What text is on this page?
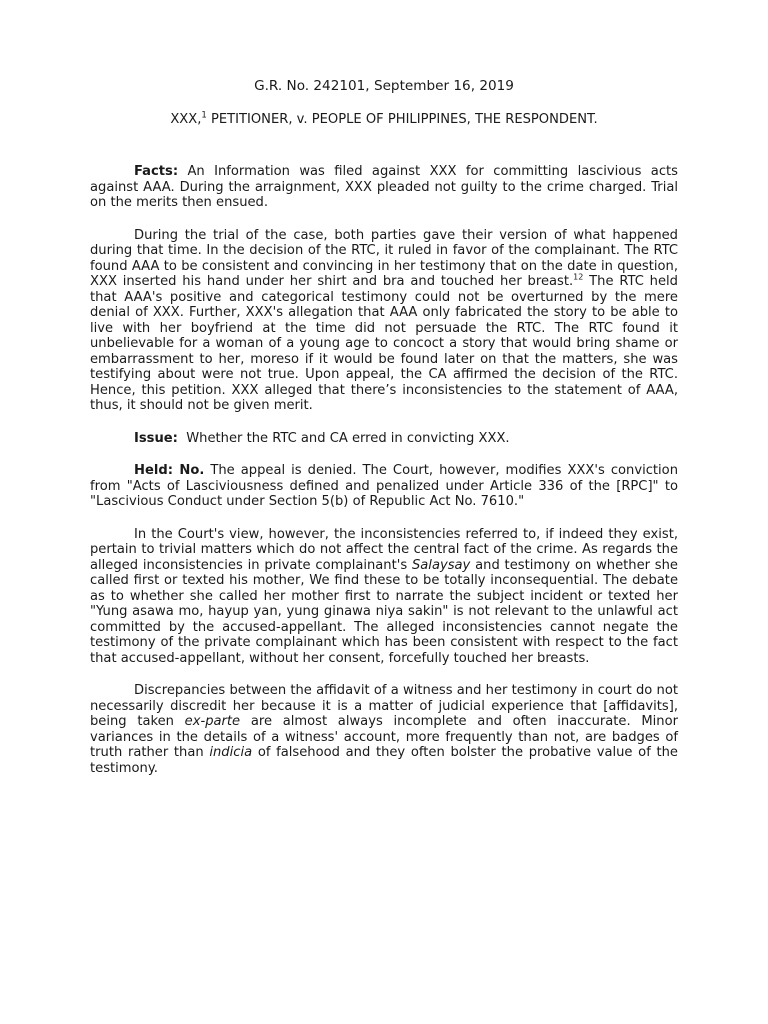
G.R. No. 242101, September 16, 2019

XXX,$^1$ PETITIONER, v. PEOPLE OF PHILIPPINES, THE RESPONDENT.

Facts: An Information was filed against XXX for committing lascivious acts against AAA. During the arraignment, XXX pleaded not guilty to the crime charged. Trial on the merits then ensued.

During the trial of the case, both parties gave their version of what happened during that time. In the decision of the RTC, it ruled in favor of the complainant. The RTC found AAA to be consistent and convincing in her testimony that on the date in question, XXX inserted his hand under her shirt and bra and touched her breast.$^{12}$ The RTC held that AAA's positive and categorical testimony could not be overturned by the mere denial of XXX. Further, XXX's allegation that AAA only fabricated the story to be able to live with her boyfriend at the time did not persuade the RTC. The RTC found it unbelievable for a woman of a young age to concoct a story that would bring shame or embarrassment to her, moreso if it would be found later on that the matters, she was testifying about were not true. Upon appeal, the CA affirmed the decision of the RTC. Hence, this petition. XXX alleged that there’s inconsistencies to the statement of AAA, thus, it should not be given merit.

Issue:  Whether the RTC and CA erred in convicting XXX.

Held: No. The appeal is denied. The Court, however, modifies XXX's conviction from "Acts of Lasciviousness defined and penalized under Article 336 of the [RPC]" to "Lascivious Conduct under Section 5(b) of Republic Act No. 7610."

In the Court's view, however, the inconsistencies referred to, if indeed they exist, pertain to trivial matters which do not affect the central fact of the crime. As regards the alleged inconsistencies in private complainant's Salaysay and testimony on whether she called first or texted his mother, We find these to be totally inconsequential. The debate as to whether she called her mother first to narrate the subject incident or texted her "Yung asawa mo, hayup yan, yung ginawa niya sakin" is not relevant to the unlawful act committed by the accused-appellant. The alleged inconsistencies cannot negate the testimony of the private complainant which has been consistent with respect to the fact that accused-appellant, without her consent, forcefully touched her breasts.

Discrepancies between the affidavit of a witness and her testimony in court do not necessarily discredit her because it is a matter of judicial experience that [affidavits], being taken ex-parte are almost always incomplete and often inaccurate. Minor variances in the details of a witness' account, more frequently than not, are badges of truth rather than indicia of falsehood and they often bolster the probative value of the testimony.
